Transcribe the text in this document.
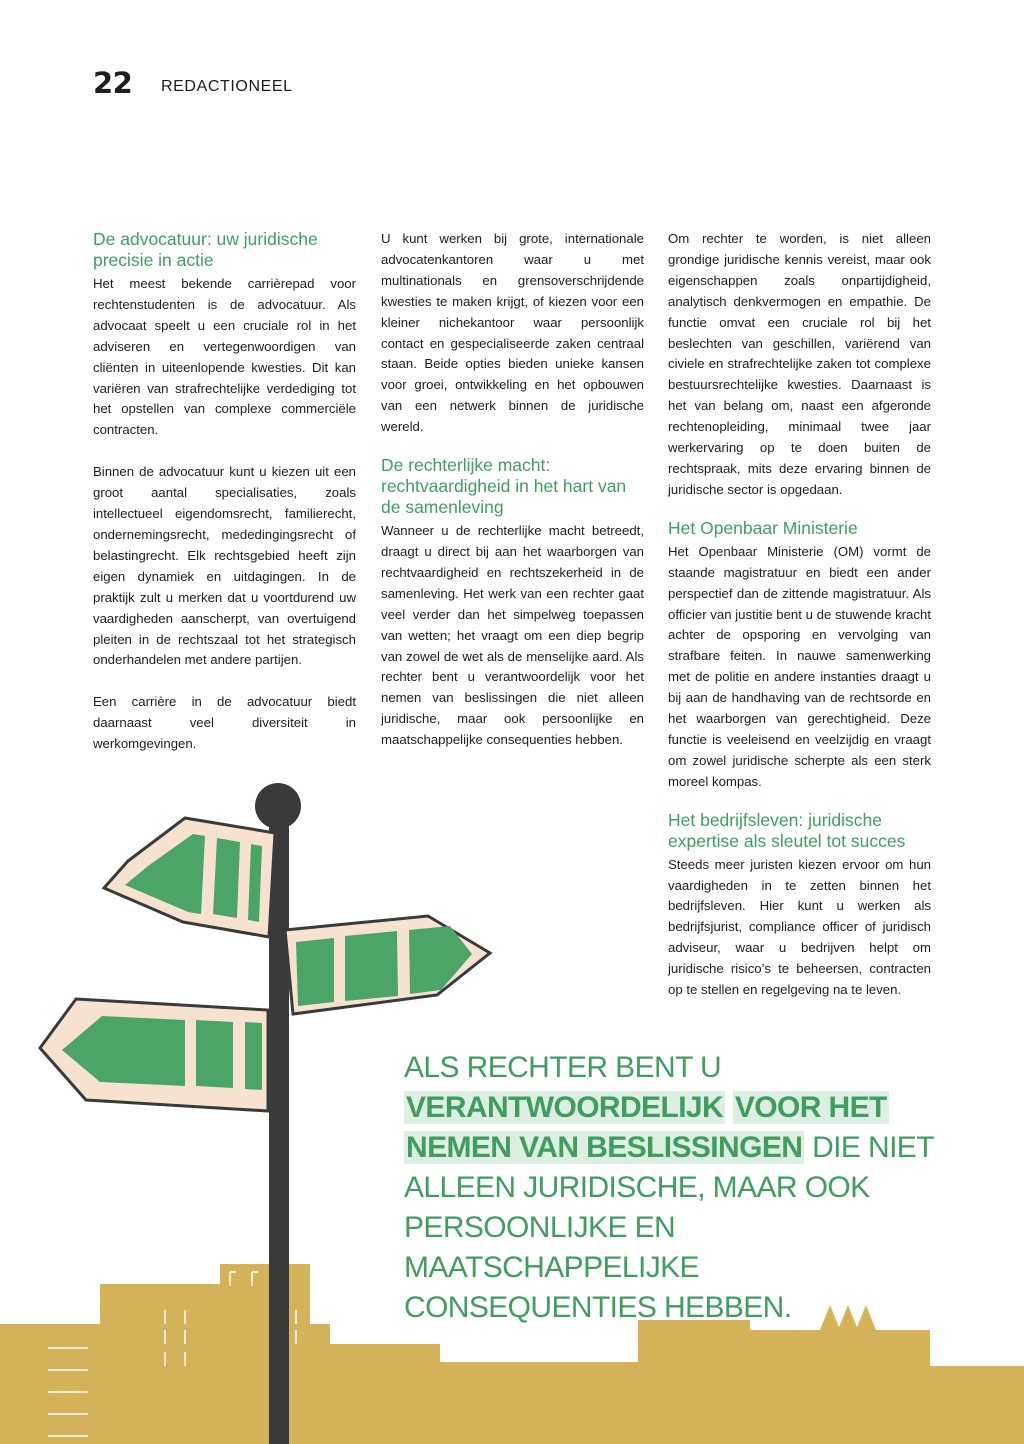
22 REDACTIONEEL
De advocatuur: uw juridische precisie in actie

Het meest bekende carrièrepad voor rechtenstudenten is de advocatuur. Als advocaat speelt u een cruciale rol in het adviseren en vertegenwoordigen van cliënten in uiteenlopende kwesties. Dit kan variëren van strafrechtelijke verdediging tot het opstellen van complexe commerciële contracten.

Binnen de advocatuur kunt u kiezen uit een groot aantal specialisaties, zoals intellectueel eigendomsrecht, familierecht, ondernemingsrecht, mededingingsrecht of belastingrecht. Elk rechtsgebied heeft zijn eigen dynamiek en uitdagingen. In de praktijk zult u merken dat u voortdurend uw vaardigheden aanscherpt, van overtuigend pleiten in de rechtszaal tot het strategisch onderhandelen met andere partijen.

Een carrière in de advocatuur biedt daarnaast veel diversiteit in werkomgevingen.

U kunt werken bij grote, internationale advocatenkantoren waar u met multinationals en grensoverschrijdende kwesties te maken krijgt, of kiezen voor een kleiner nichekantoor waar persoonlijk contact en gespecialiseerde zaken centraal staan. Beide opties bieden unieke kansen voor groei, ontwikkeling en het opbouwen van een netwerk binnen de juridische wereld.

De rechterlijke macht: rechtvaardigheid in het hart van de samenleving

Wanneer u de rechterlijke macht betreedt, draagt u direct bij aan het waarborgen van rechtvaardigheid en rechtszekerheid in de samenleving. Het werk van een rechter gaat veel verder dan het simpelweg toepassen van wetten; het vraagt om een diep begrip van zowel de wet als de menselijke aard. Als rechter bent u verantwoordelijk voor het nemen van beslissingen die niet alleen juridische, maar ook persoonlijke en maatschappelijke consequenties hebben.

Om rechter te worden, is niet alleen grondige juridische kennis vereist, maar ook eigenschappen zoals onpartijdigheid, analytisch denkvermogen en empathie. De functie omvat een cruciale rol bij het beslechten van geschillen, variërend van civiele en strafrechtelijke zaken tot complexe bestuursrechtelijke kwesties. Daarnaast is het van belang om, naast een afgeronde rechtenopleiding, minimaal twee jaar werkervaring op te doen buiten de rechtspraak, mits deze ervaring binnen de juridische sector is opgedaan.

Het Openbaar Ministerie

Het Openbaar Ministerie (OM) vormt de staande magistratuur en biedt een ander perspectief dan de zittende magistratuur. Als officier van justitie bent u de stuwende kracht achter de opsporing en vervolging van strafbare feiten. In nauwe samenwerking met de politie en andere instanties draagt u bij aan de handhaving van de rechtsorde en het waarborgen van gerechtigheid. Deze functie is veeleisend en veelzijdig en vraagt om zowel juridische scherpte als een sterk moreel kompas.

Het bedrijfsleven: juridische expertise als sleutel tot succes

Steeds meer juristen kiezen ervoor om hun vaardigheden in te zetten binnen het bedrijfsleven. Hier kunt u werken als bedrijfsjurist, compliance officer of juridisch adviseur, waar u bedrijven helpt om juridische risico’s te beheersen, contracten op te stellen en regelgeving na te leven.

ALS RECHTER BENT U
VERANTWOORDELIJK VOOR HET
NEMEN VAN BESLISSINGEN DIE NIET ALLEEN JURIDISCHE, MAAR OOK PERSOONLIJKE EN MAATSCHAPPELIJKE CONSEQUENTIES HEBBEN.
